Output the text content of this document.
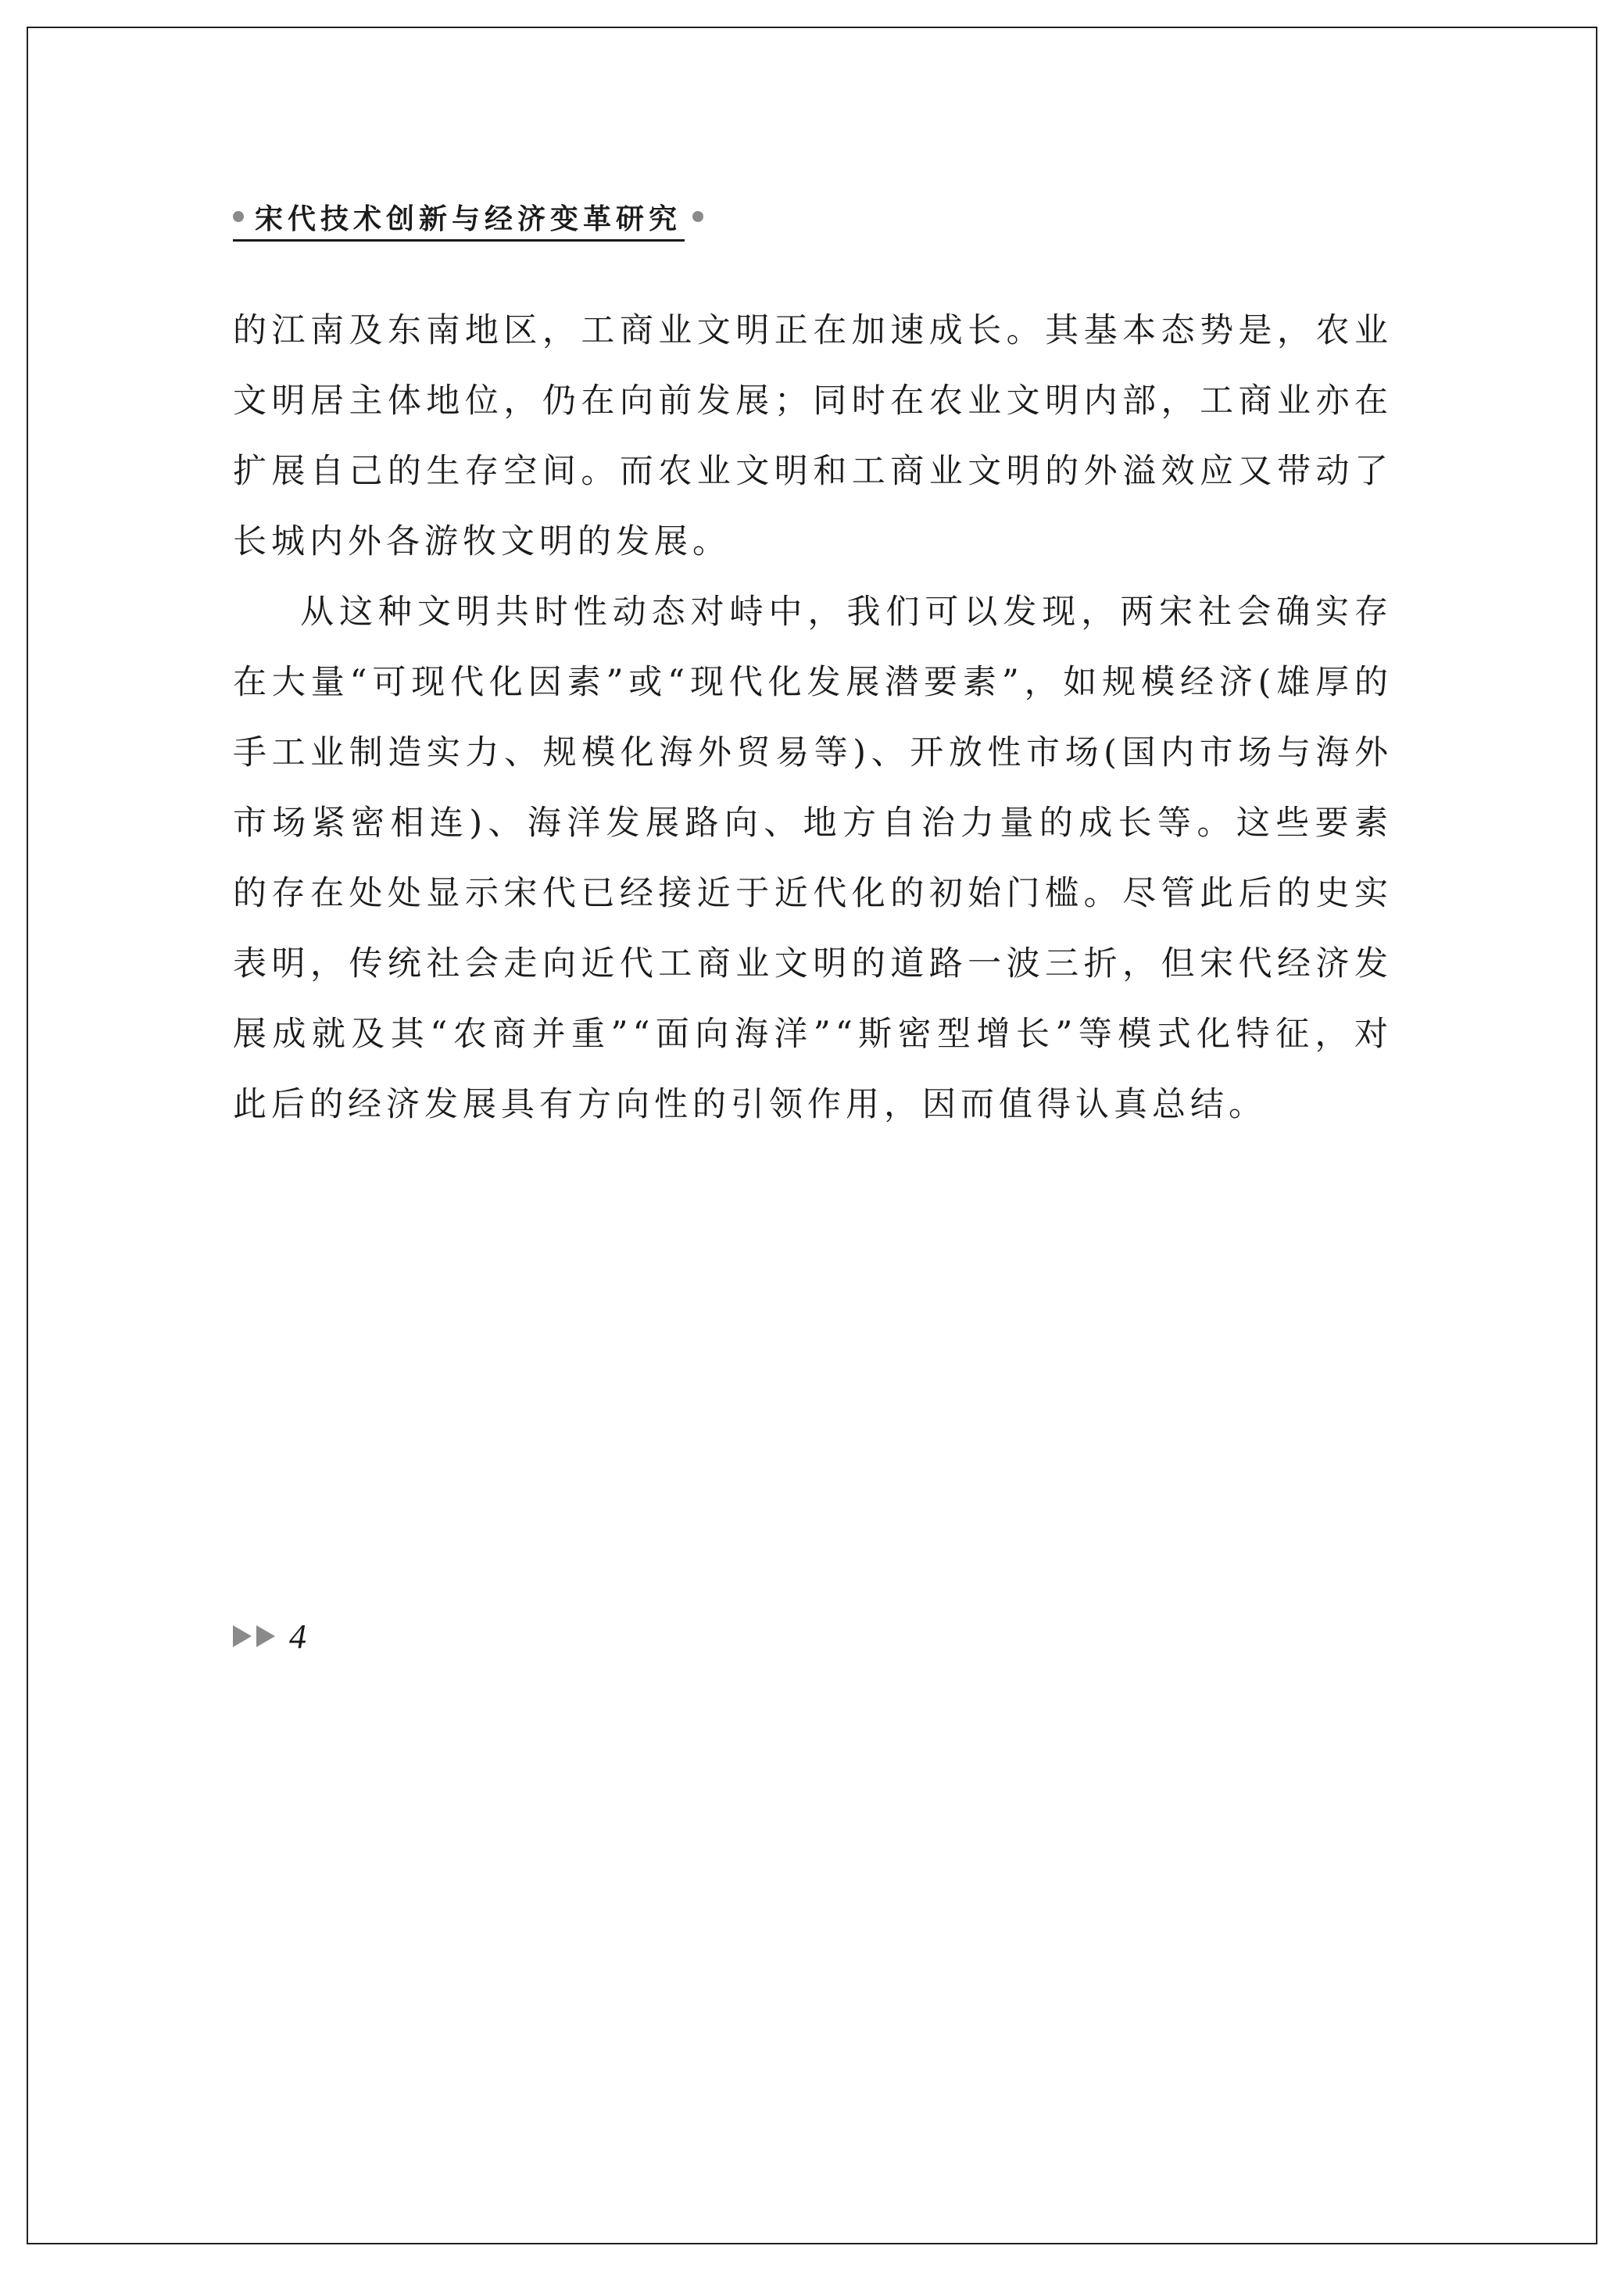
宋代技术创新与经济变革研究

的江南及东南地区，工商业文明正在加速成长。其基本态势是，农业文明居主体地位，仍在向前发展；同时在农业文明内部，工商业亦在扩展自己的生存空间。而农业文明和工商业文明的外溢效应又带动了长城内外各游牧文明的发展。

从这种文明共时性动态对峙中，我们可以发现，两宋社会确实存在大量“可现代化因素”或“现代化发展潜要素”，如规模经济(雄厚的手工业制造实力、规模化海外贸易等)、开放性市场(国内市场与海外市场紧密相连)、海洋发展路向、地方自治力量的成长等。这些要素的存在处处显示宋代已经接近于近代化的初始门槛。尽管此后的史实表明，传统社会走向近代工商业文明的道路一波三折，但宋代经济发展成就及其“农商并重”“面向海洋”“斯密型增长”等模式化特征，对此后的经济发展具有方向性的引领作用，因而值得认真总结。

4
